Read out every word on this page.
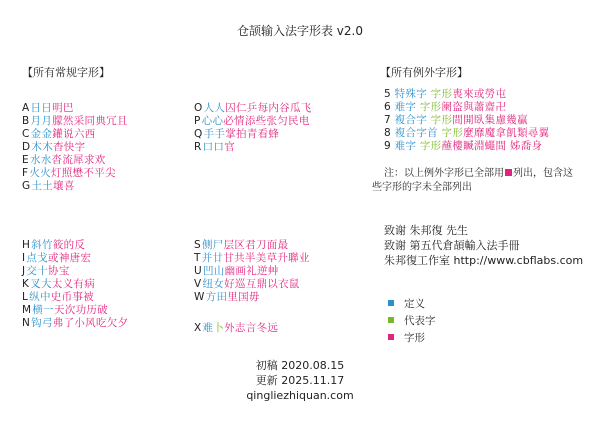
仓颉输入法字形表 v2.0
【所有常规字形】	【所有例外字形】
A日日明巴
B月月朦然采同典冗且
C金金鑵说六西
D木木杳快字
E水水沓流犀求欢
F火火灯照懋不平尖
G土土壤喜
H斜竹筱的反
I点戈或神唐宏
J交十协宝
K叉大太义有病
L纵中史币事被
M横一天次功历破
N钩弓弗了小风吃欠夕
O人人囚仁乒每内谷瓜飞
P心心必情添些张匀民电
Q手手掌拍青看蜂
R口口官
S侧尸层区君刀面最
T并廿甘共半美草升聯业
U凹山幽画礼逆艸
V纽女好巡互鼎以衣鼠
W方田里国毋
X难卜外志言冬远
5 特殊字 字形喪來或勞屯
6 难字 字形阑盗與蕭齋卍
7 複合字 字形間開臥集慮幾贏
8 複合字首 字形麼靡魔拿飢類尋翼
9 难字 字形蘸樓贓淵蠅間 姊喬身
注：以上例外字形已全部用 列出，包含这
些字形的字未全部列出
致谢 朱邦復 先生
致谢 第五代倉頡輸入法手冊
朱邦復工作室 http://www.cbflabs.com
定义
代表字
字形
初稿 2020.08.15
更新 2025.11.17
qingliezhiquan.com
